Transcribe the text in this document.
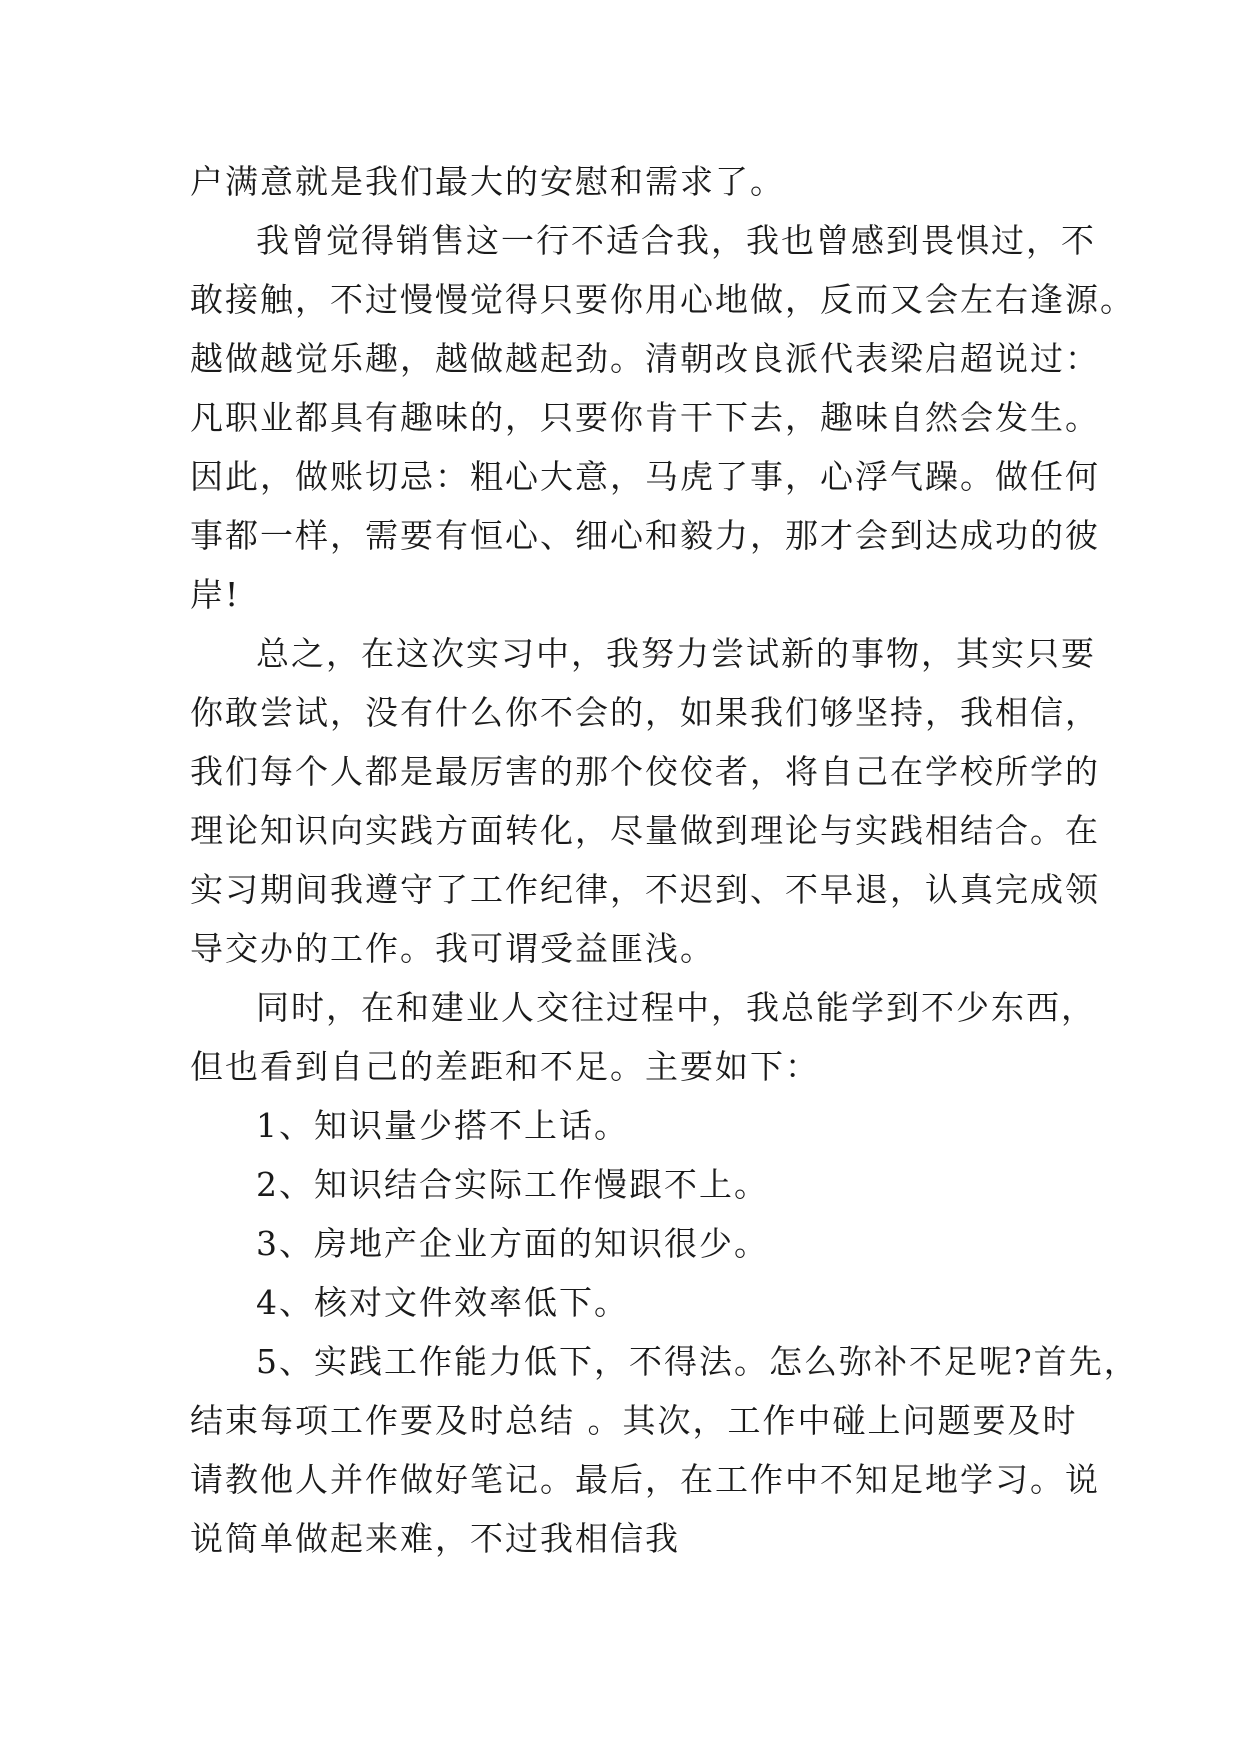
户满意就是我们最大的安慰和需求了。
我曾觉得销售这一行不适合我，我也曾感到畏惧过，不
敢接触，不过慢慢觉得只要你用心地做，反而又会左右逢源。
越做越觉乐趣，越做越起劲。清朝改良派代表梁启超说过：
凡职业都具有趣味的，只要你肯干下去，趣味自然会发生。
因此，做账切忌：粗心大意，马虎了事，心浮气躁。做任何
事都一样，需要有恒心、细心和毅力，那才会到达成功的彼
岸!
总之，在这次实习中，我努力尝试新的事物，其实只要
你敢尝试，没有什么你不会的，如果我们够坚持，我相信，
我们每个人都是最厉害的那个佼佼者，将自己在学校所学的
理论知识向实践方面转化，尽量做到理论与实践相结合。在
实习期间我遵守了工作纪律，不迟到、不早退，认真完成领
导交办的工作。我可谓受益匪浅。
同时，在和建业人交往过程中，我总能学到不少东西，
但也看到自己的差距和不足。主要如下：
1、知识量少搭不上话。
2、知识结合实际工作慢跟不上。
3、房地产企业方面的知识很少。
4、核对文件效率低下。
5、实践工作能力低下，不得法。怎么弥补不足呢?首先，
结束每项工作要及时总结 。其次，工作中碰上问题要及时
请教他人并作做好笔记。最后，在工作中不知足地学习。说
说简单做起来难，不过我相信我
